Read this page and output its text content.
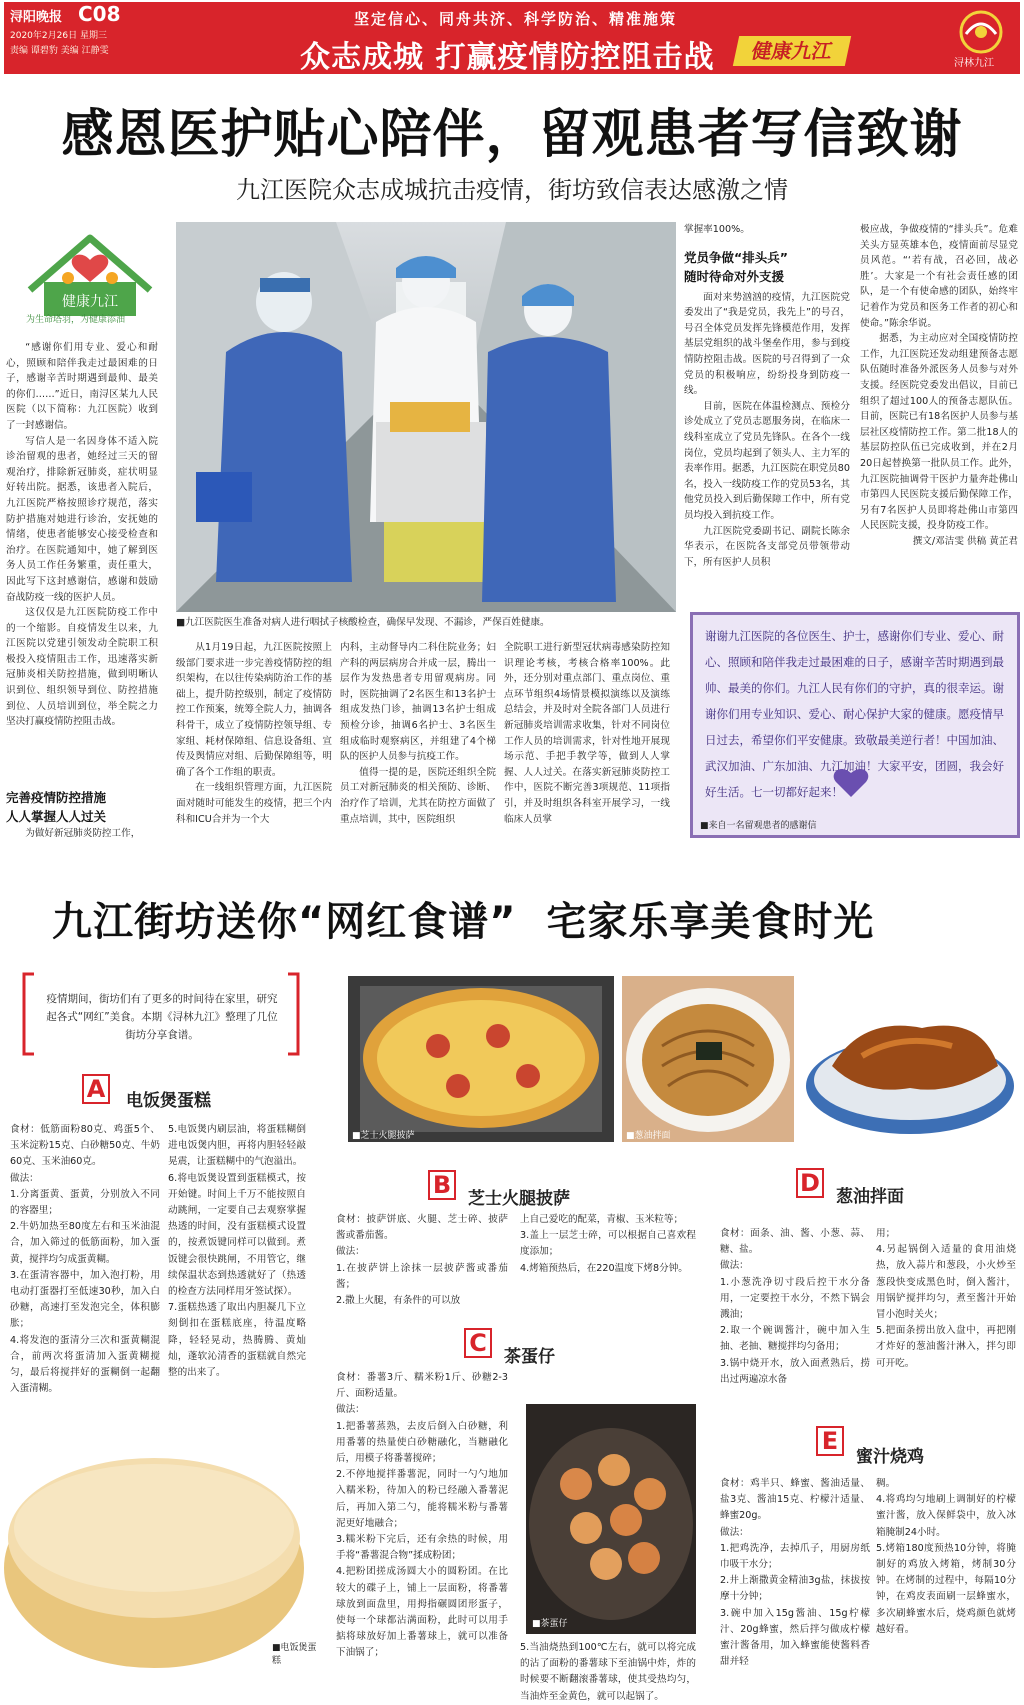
浔阳晚报 C08
2020年2月26日 星期三
责编 谭碧豹 美编 江静雯
坚定信心、同舟共济、科学防治、精准施策
众志成城 打赢疫情防控阻击战	健康九江
浔林九江
感恩医护贴心陪伴，留观患者写信致谢
九江医院众志成城抗击疫情，街坊致信表达感激之情
健康九江
为生命塔羽，为健康添油

“感谢你们用专业、爱心和耐心，照顾和陪伴我走过最困难的日子，感谢辛苦时期遇到最帅、最美的你们……”近日，南浔区某九人民医院（以下简称：九江医院）收到了一封感谢信。

写信人是一名因身体不适入院诊治留观的患者，她经过三天的留观治疗，排除新冠肺炎，症状明显好转出院。据悉，该患者入院后，九江医院严格按照诊疗规范，落实防护措施对她进行诊治，安抚她的情绪，使患者能够安心接受检查和治疗。在医院通知中，她了解到医务人员工作任务繁重，责任重大，因此写下这封感谢信，感谢和鼓励奋战防疫一线的医护人员。

这仅仅是九江医院防疫工作中的一个缩影。自疫情发生以来，九江医院以党建引领发动全院职工积极投入疫情阻击工作，迅速落实新冠肺炎相关防控措施，做到明晰认识到位、组织领导到位、防控措施到位、人员培训到位，举全院之力坚决打赢疫情防控阻击战。

完善疫情防控措施
人人掌握人人过关

为做好新冠肺炎防控工作，

■九江医院医生准备对病人进行咽拭子核酸检查，确保早发现、不漏诊，严保百姓健康。

掌握率100%。

党员争做“排头兵”
随时待命对外支援

面对来势汹汹的疫情，九江医院党委发出了“我是党员，我先上”的号召，号召全体党员发挥先锋模范作用，发挥基层党组织的战斗堡垒作用，参与到疫情防控阻击战。医院的号召得到了一众党员的积极响应，纷纷投身到防疫一线。

目前，医院在体温检测点、预检分诊处成立了党员志愿服务岗，在临床一线科室成立了党员先锋队。在各个一线岗位，党员均起到了领头人、主力军的表率作用。据悉，九江医院在职党员80名，投入一线防疫工作的党员53名，其他党员投入到后勤保障工作中，所有党员均投入到抗疫工作。

九江医院党委副书记、副院长陈余华表示，在医院各支部党员带领带动下，所有医护人员积

极应战，争做疫情的“排头兵”。危难关头方显英雄本色，疫情面前尽显党员风范。“‘若有战，召必回，战必胜’。大家是一个有社会责任感的团队，是一个有使命感的团队，始终牢记着作为党员和医务工作者的初心和使命。”陈余华说。

据悉，为主动应对全国疫情防控工作，九江医院还发动组建预备志愿队伍随时准备外派医务人员参与对外支援。经医院党委发出倡议，目前已组织了超过100人的预备志愿队伍。目前，医院已有18名医护人员参与基层社区疫情防控工作。第二批18人的基层防控队伍已完成收到，并在2月20日起替换第一批队员工作。此外，九江医院抽调骨干医护力量奔赴佛山市第四人民医院支援后勤保障工作，另有7名医护人员即将赴佛山市第四人民医院支援，投身防疫工作。

撰文/邓洁雯 供稿 黄芷君

从1月19日起，九江医院按照上级部门要求进一步完善疫情防控的组织架构，在以往传染病防治工作的基础上，提升防控级别，制定了疫情防控工作预案，统筹全院人力，抽调各科骨干，成立了疫情防控领导组、专家组、耗材保障组、信息设备组、宣传及舆情应对组、后勤保障组等，明确了各个工作组的职责。

在一线组织管理方面，九江医院面对随时可能发生的疫情，把三个内科和ICU合并为一个大

内科，主动督导内二科住院业务；妇产科的两层病房合并成一层，腾出一层作为发热患者专用留观病房。同时，医院抽调了2名医生和13名护士组成发热门诊，抽调13名护士组成预检分诊，抽调6名护士、3名医生组成临时观察病区，并组建了4个梯队的医护人员参与抗疫工作。

值得一提的是，医院还组织全院员工对新冠肺炎的相关预防、诊断、治疗作了培训，尤其在防控方面做了重点培训，其中，医院组织

全院职工进行新型冠状病毒感染防控知识理论考核，考核合格率100%。此外，还分别对重点部门、重点岗位、重点环节组织4场情景模拟演练以及演练总结会，并及时对全院各部门人员进行新冠肺炎培训需求收集，针对不同岗位工作人员的培训需求，针对性地开展现场示范、手把手教学等，做到人人掌握、人人过关。在落实新冠肺炎防控工作中，医院不断完善3项规范、11项指引，并及时组织各科室开展学习，一线临床人员掌

谢谢九江医院的各位医生、护士，感谢你们专业、爱心、耐心、照顾和陪伴我走过最困难的日子，感谢辛苦时期遇到最帅、最美的你们。九江人民有你们的守护，真的很幸运。谢谢你们用专业知识、爱心、耐心保护大家的健康。愿疫情早日过去，希望你们平安健康。致敬最美逆行者！中国加油、武汉加油、广东加油、九江加油！大家平安，团圆，我会好好生活。七一切都好起来！
■来自一名留观患者的感谢信
九江街坊送你“网红食谱”  宅家乐享美食时光
疫情期间，街坊们有了更多的时间待在家里，研究起各式“网红”美食。本期《浔林九江》整理了几位街坊分享食谱。
A 电饭煲蛋糕
食材：低筋面粉80克、鸡蛋5个、玉米淀粉15克、白砂糖50克、牛奶60克、玉米油60克。
做法：
1.分离蛋黄、蛋黄，分别放入不同的容器里；
2.牛奶加热至80度左右和玉米油混合，加入筛过的低筋面粉，加入蛋黄，搅拌均匀成蛋黄糊。
3.在蛋清容器中，加入泡打粉，用电动打蛋器打至低速30秒，加入白砂糖，高速打至发泡完全，体积膨胀；
4.将发泡的蛋清分三次和蛋黄糊混合，前两次将蛋清加入蛋黄糊搅匀，最后将搅拌好的蛋糊倒一起翻入蛋清糊。
5.电饭煲内刷层油，将蛋糕糊倒进电饭煲内胆，再将内胆轻轻敲晃震，让蛋糕糊中的气泡溢出。
6.将电饭煲设置到蛋糕模式，按开始键。时间上千万不能按照自动跳闸，一定要自己去观察掌握热透的时间，没有蛋糕模式设置的，按煮饭键同样可以做到。煮饭键会很快跳闸，不用管它，继续保温状态到热透就好了（热透的检查方法同样用牙签试探）。
7.蛋糕热透了取出内胆凝几下立刻倒扣在蛋糕底座，待温度略降，轻轻晃动，热腾腾、黄灿灿，蓬软沁清香的蛋糕就自然完整的出来了。
■电饭煲蛋糕
■芝士火腿披萨	■葱油拌面	■蜜汁烧鸡
B 芝士火腿披萨
食材：披萨饼底、火腿、芝士碎、披萨酱或番茄酱。
做法：
1.在披萨饼上涂抹一层披萨酱或番茄酱；
2.撒上火腿，有条件的可以放
上自己爱吃的配菜，青椒、玉米粒等；
3.盖上一层芝士碎，可以根据自己喜欢程度添加；
4.烤箱预热后，在220温度下烤8分钟。
C	茶蛋仔
食材：番薯3斤、糯米粉1斤、砂糖2-3斤、面粉适量。
做法：
1.把番薯蒸熟，去皮后倒入白砂糖，利用番薯的热量使白砂糖融化，当糖融化后，用模子将番薯搅碎；
2.不停地搅拌番薯泥，同时一勺勺地加入糯米粉，待加入的粉已经融入番薯泥后，再加入第二勺，能将糯米粉与番薯泥更好地融合；
3.糯米粉下完后，还有余热的时候，用手将“番薯混合物”揉成粉团；
4.把粉团搓成汤圆大小的圆粉团。在比较大的碟子上，铺上一层面粉，将番薯球放到面盘里，用拇指碾圆团形蛋子，使每一个球都沾满面粉，此时可以用手掂将球放好加上番薯球上，就可以准备下油锅了；
■茶蛋仔
5.当油烧热到100℃左右，就可以将完成的沾了面粉的番薯球下至油锅中炸，炸的时候要不断翻滚番薯球，使其受热均匀，当油炸至金黄色，就可以起锅了。
D 葱油拌面
食材：面条、油、酱、小葱、蒜、糖、盐。
做法：
1.小葱洗净切寸段后控干水分备用，一定要控干水分，不然下锅会溅油；
2.取一个碗调酱汁，碗中加入生抽、老抽、糖搅拌均匀备用；
3.锅中烧开水，放入面煮熟后，捞出过两遍凉水备
用；
4.另起锅倒入适量的食用油烧热，放入蒜片和葱段，小火炒至葱段快变成黑色时，倒入酱汁，用锅铲搅拌均匀，煮至酱汁开始冒小泡时关火；
5.把面条捞出放入盘中，再把刚才炸好的葱油酱汁淋入，拌匀即可开吃。
E
蜜汁烧鸡
食材：鸡半只、蜂蜜、酱油适量、盐3克、酱油15克、柠檬汁适量、蜂蜜20g。
做法：
1.把鸡洗净，去掉爪子，用厨房纸巾吸干水分；
2.井上渐撒黄金精油3g盐，抹拔按摩十分钟；
3.碗中加入15g酱油、15g柠檬汁、20g蜂蜜，然后拌匀做成柠檬蜜汁酱备用，加入蜂蜜能使酱料香甜并轻
稠。
4.将鸡均匀地刷上调制好的柠檬蜜汁酱，放入保鲜袋中，放入冰箱腌制24小时。
5.烤箱180度预热10分钟，将腌制好的鸡放入烤箱，烤制30分钟。在烤制的过程中，每隔10分钟，在鸡皮表面刷一层蜂蜜水，多次刷蜂蜜水后，烧鸡颜色就烤越好看。
